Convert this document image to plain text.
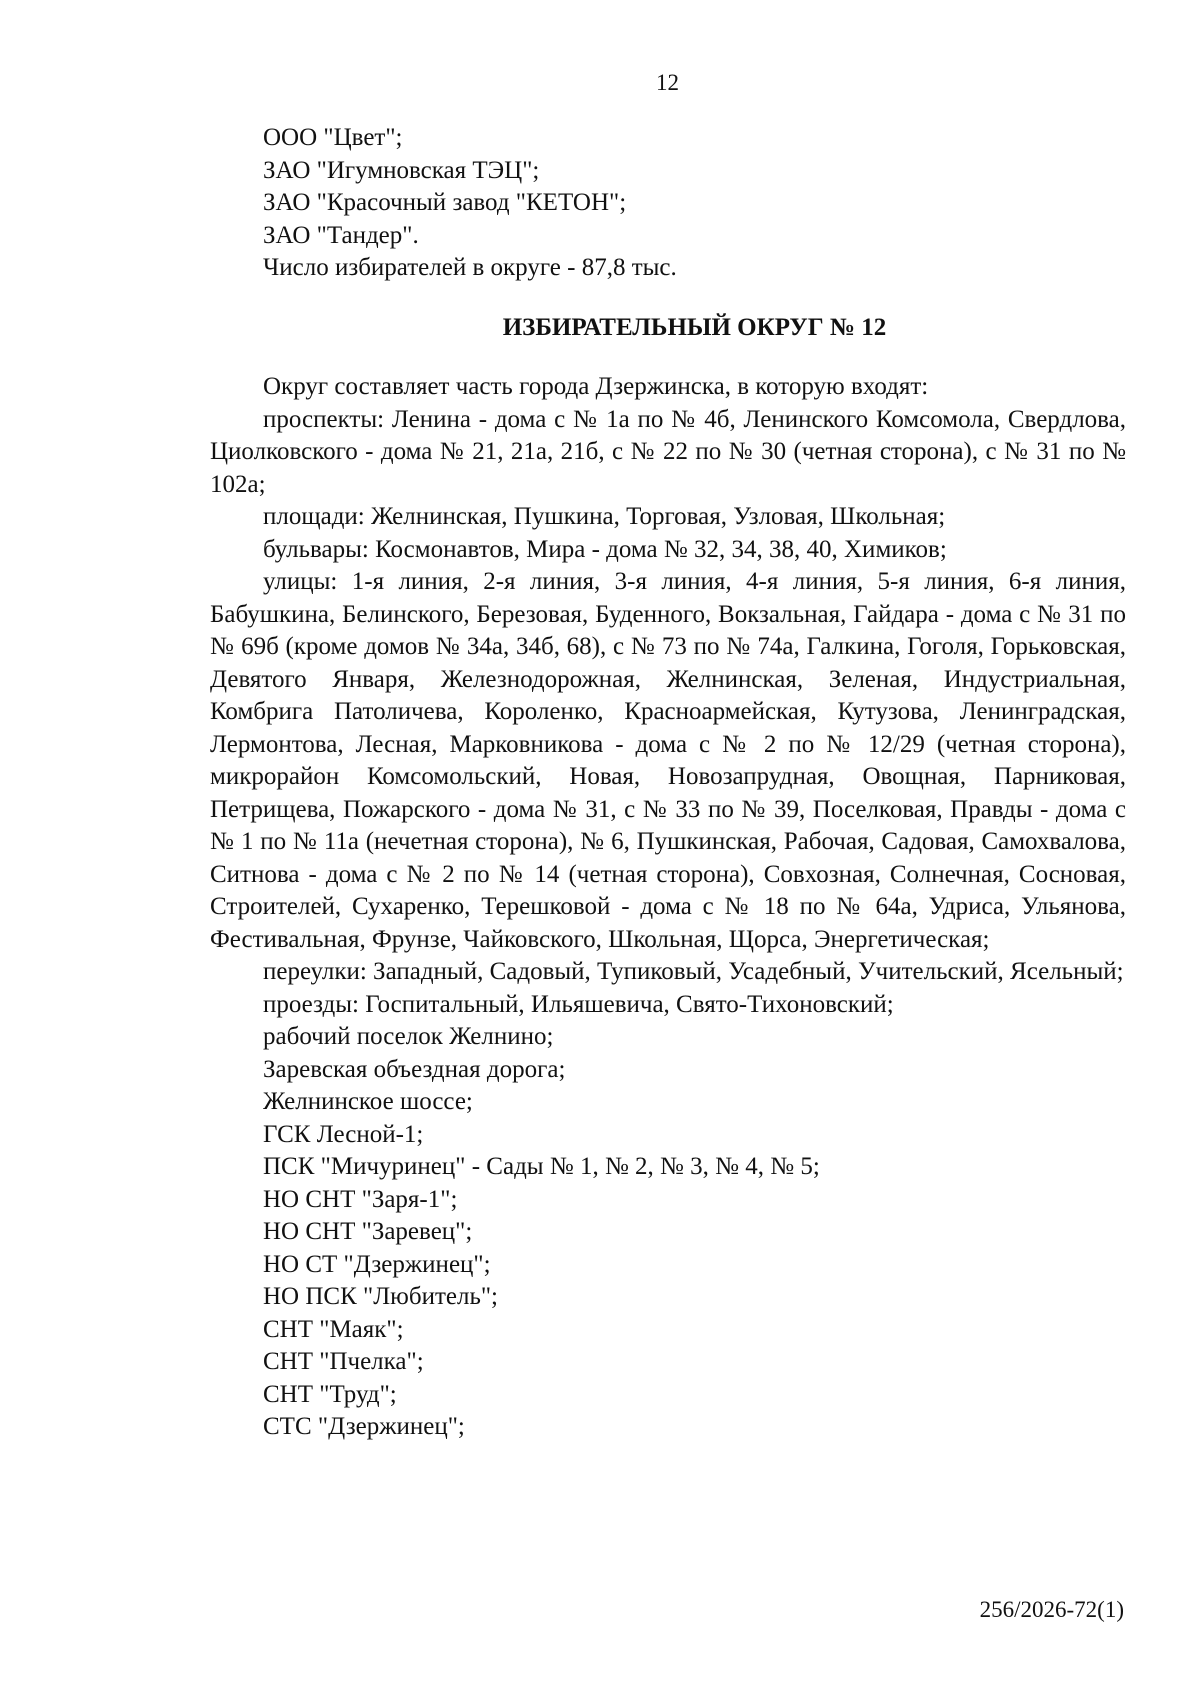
12

ООО "Цвет";

ЗАО "Игумновская ТЭЦ";

ЗАО "Красочный завод "КЕТОН";

ЗАО "Тандер".

Число избирателей в округе - 87,8 тыс.

ИЗБИРАТЕЛЬНЫЙ ОКРУГ № 12

Округ составляет часть города Дзержинска, в которую входят:

проспекты: Ленина - дома с № 1а по № 4б, Ленинского Комсомола, Свердлова, Циолковского - дома № 21, 21а, 21б, с № 22 по № 30 (четная сторона), с № 31 по № 102а;

площади: Желнинская, Пушкина, Торговая, Узловая, Школьная;

бульвары: Космонавтов, Мира - дома № 32, 34, 38, 40, Химиков;

улицы: 1-я линия, 2-я линия, 3-я линия, 4-я линия, 5-я линия, 6-я линия, Бабушкина, Белинского, Березовая, Буденного, Вокзальная, Гайдара - дома с № 31 по № 69б (кроме домов № 34а, 34б, 68), с № 73 по № 74а, Галкина, Гоголя, Горьковская, Девятого Января, Железнодорожная, Желнинская, Зеленая, Индустриальная, Комбрига Патоличева, Короленко, Красноармейская, Кутузова, Ленинградская, Лермонтова, Лесная, Марковникова - дома с № 2 по № 12/29 (четная сторона), микрорайон Комсомольский, Новая, Новозапрудная, Овощная, Парниковая, Петрищева, Пожарского - дома № 31, с № 33 по № 39, Поселковая, Правды - дома с № 1 по № 11а (нечетная сторона), № 6, Пушкинская, Рабочая, Садовая, Самохвалова, Ситнова - дома с № 2 по № 14 (четная сторона), Совхозная, Солнечная, Сосновая, Строителей, Сухаренко, Терешковой - дома с № 18 по № 64а, Удриса, Ульянова, Фестивальная, Фрунзе, Чайковского, Школьная, Щорса, Энергетическая;

переулки: Западный, Садовый, Тупиковый, Усадебный, Учительский, Ясельный;

проезды: Госпитальный, Ильяшевича, Свято-Тихоновский;

рабочий поселок Желнино;

Заревская объездная дорога;

Желнинское шоссе;

ГСК Лесной-1;

ПСК "Мичуринец" - Сады № 1, № 2, № 3, № 4, № 5;

НО СНТ "Заря-1";

НО СНТ "Заревец";

НО СТ "Дзержинец";

НО ПСК "Любитель";

СНТ "Маяк";

СНТ "Пчелка";

СНТ "Труд";

СТС "Дзержинец";

256/2026-72(1)
